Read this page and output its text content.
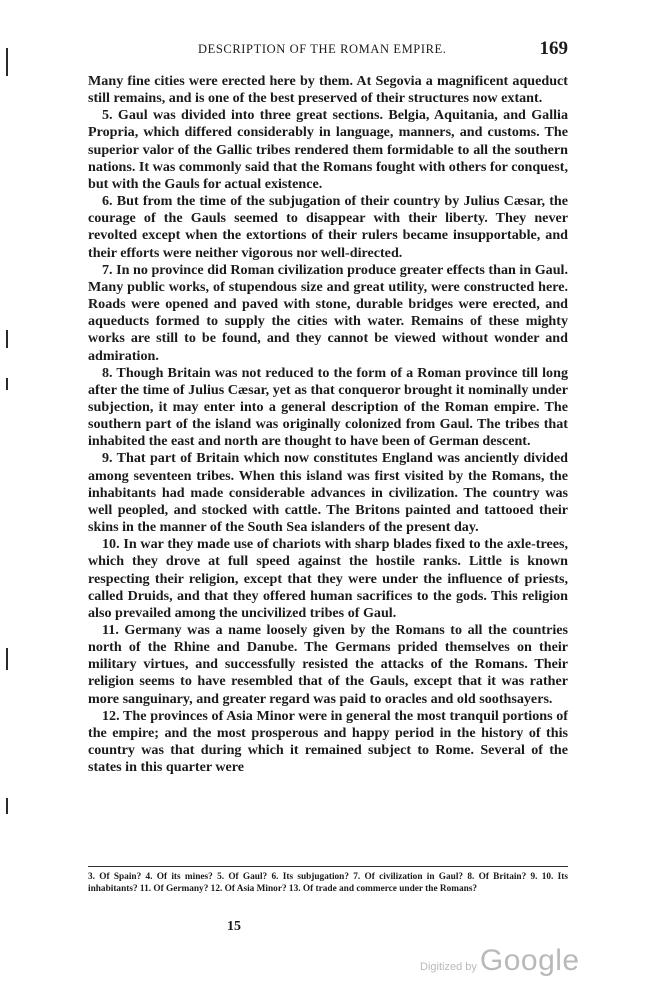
DESCRIPTION OF THE ROMAN EMPIRE.	169

Many fine cities were erected here by them. At Segovia a magnificent aqueduct still remains, and is one of the best preserved of their structures now extant.

5. Gaul was divided into three great sections. Belgia, Aquitania, and Gallia Propria, which differed considerably in language, manners, and customs. The superior valor of the Gallic tribes rendered them formidable to all the southern nations. It was commonly said that the Romans fought with others for conquest, but with the Gauls for actual existence.

6. But from the time of the subjugation of their country by Julius Cæsar, the courage of the Gauls seemed to disappear with their liberty. They never revolted except when the extortions of their rulers became insupportable, and their efforts were neither vigorous nor well-directed.

7. In no province did Roman civilization produce greater effects than in Gaul. Many public works, of stupendous size and great utility, were constructed here. Roads were opened and paved with stone, durable bridges were erected, and aqueducts formed to supply the cities with water. Remains of these mighty works are still to be found, and they cannot be viewed without wonder and admiration.

8. Though Britain was not reduced to the form of a Roman province till long after the time of Julius Cæsar, yet as that conqueror brought it nominally under subjection, it may enter into a general description of the Roman empire. The southern part of the island was originally colonized from Gaul. The tribes that inhabited the east and north are thought to have been of German descent.

9. That part of Britain which now constitutes England was anciently divided among seventeen tribes. When this island was first visited by the Romans, the inhabitants had made considerable advances in civilization. The country was well peopled, and stocked with cattle. The Britons painted and tattooed their skins in the manner of the South Sea islanders of the present day.

10. In war they made use of chariots with sharp blades fixed to the axle-trees, which they drove at full speed against the hostile ranks. Little is known respecting their religion, except that they were under the influence of priests, called Druids, and that they offered human sacrifices to the gods. This religion also prevailed among the uncivilized tribes of Gaul.

11. Germany was a name loosely given by the Romans to all the countries north of the Rhine and Danube. The Germans prided themselves on their military virtues, and successfully resisted the attacks of the Romans. Their religion seems to have resembled that of the Gauls, except that it was rather more sanguinary, and greater regard was paid to oracles and old soothsayers.

12. The provinces of Asia Minor were in general the most tranquil portions of the empire; and the most prosperous and happy period in the history of this country was that during which it remained subject to Rome. Several of the states in this quarter were

3. Of Spain? 4. Of its mines? 5. Of Gaul? 6. Its subjugation? 7. Of civilization in Gaul? 8. Of Britain? 9. 10. Its inhabitants? 11. Of Germany? 12. Of Asia Minor? 13. Of trade and commerce under the Romans?
15
Digitized by Google
